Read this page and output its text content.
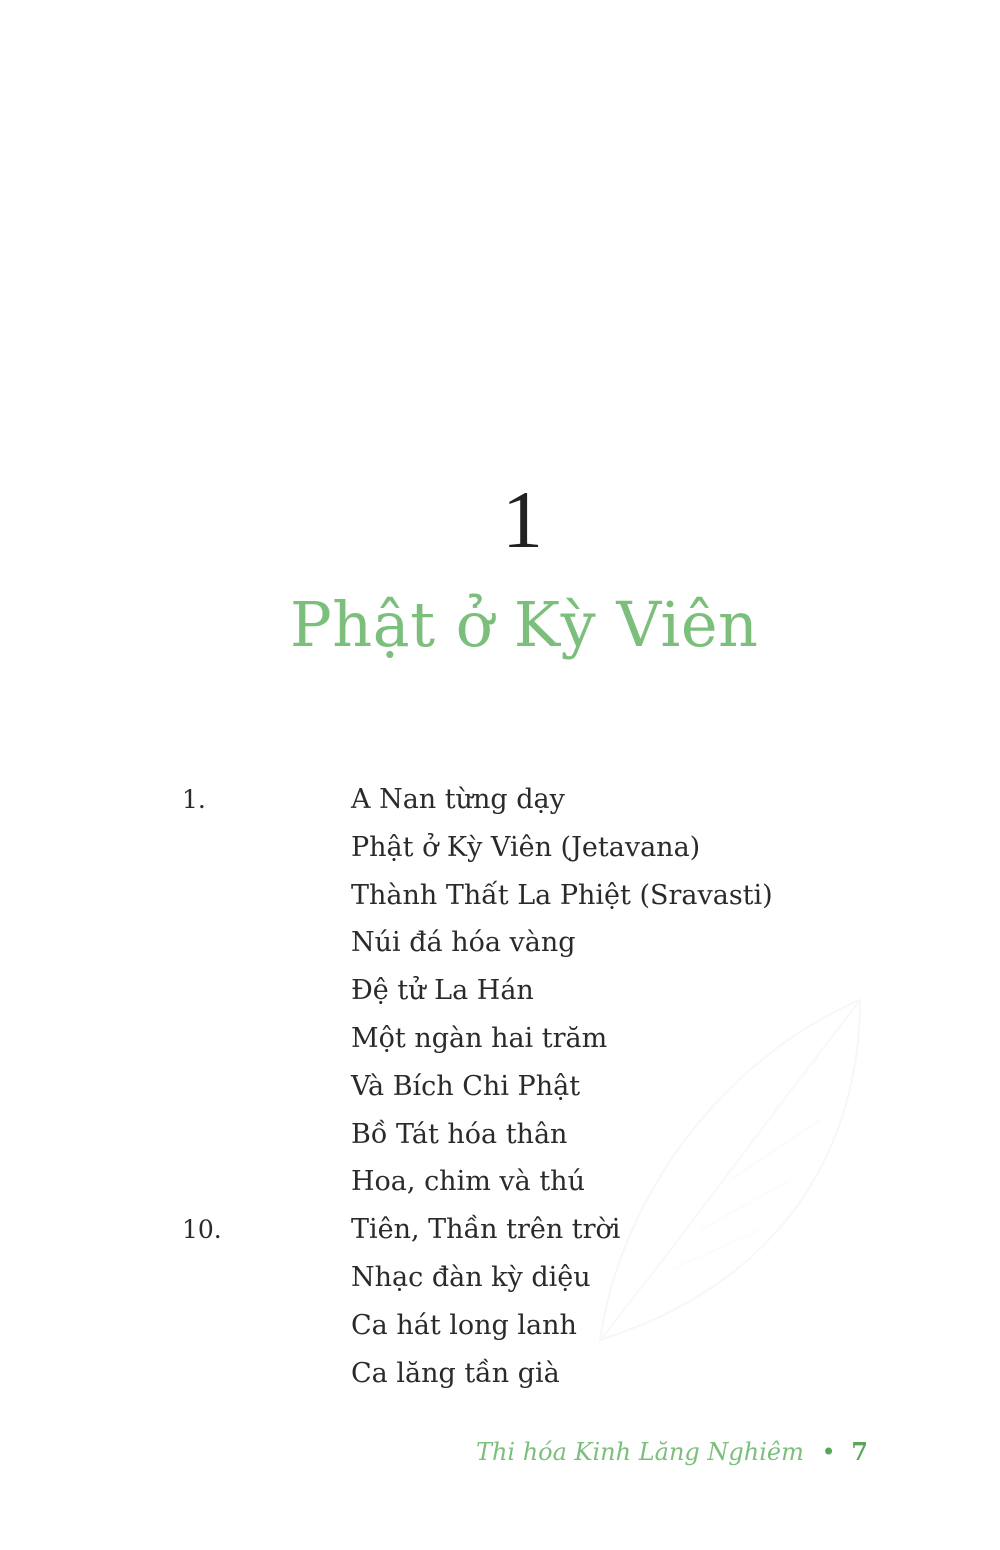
1
Phật ở Kỳ Viên
1.	A Nan từng dạy
Phật ở Kỳ Viên (Jetavana)
Thành Thất La Phiệt (Sravasti)
Núi đá hóa vàng
Đệ tử La Hán
Một ngàn hai trăm
Và Bích Chi Phật
Bồ Tát hóa thân
Hoa, chim và thú
10.	Tiên, Thần trên trời
Nhạc đàn kỳ diệu
Ca hát long lanh
Ca lăng tần già
Thi hóa Kinh Lăng Nghiêm • 7
